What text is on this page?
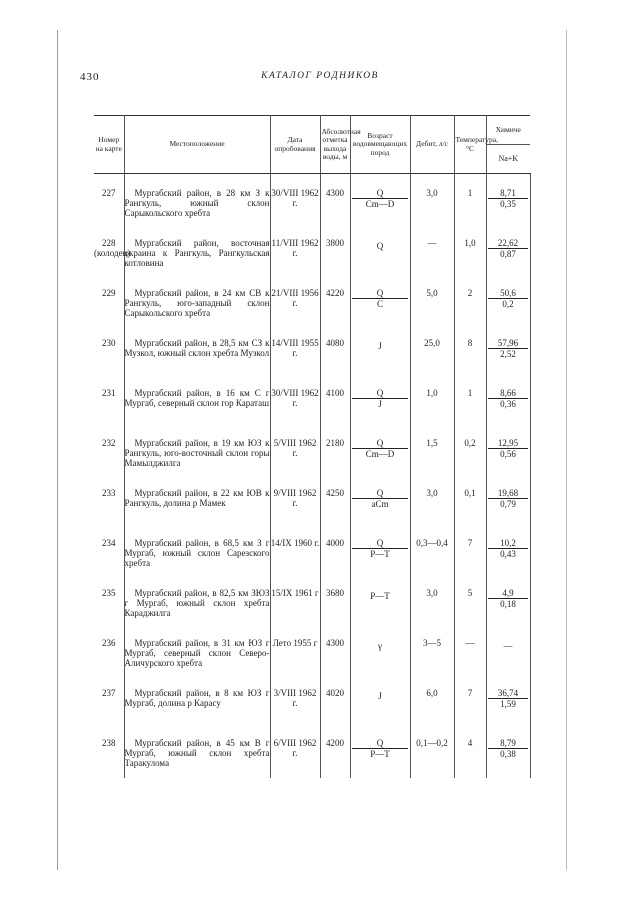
430	КАТАЛОГ РОДНИКОВ
Номер на карте	Местоположение	Дата опробования	Абсолютная отметка выхода воды, м	Возраст водовмещающих пород	Дебит, л/с	Температура, °С	Химиче
							Na+K

227	Мургабский район, в 28 км З к Рангкуль, южный склон Сарыкольского хребта	30/VIII 1962 г.	4300	$\frac{Q}{Cm—D}$	3,0	1	$\frac{8,71}{0,35}$

228 (колодец)	Мургабский район, восточная окраина к Рангкуль, Рангкульская котловина	11/VIII 1962 г.	3800	Q	—	1,0	$\frac{22,62}{0,87}$

229	Мургабский район, в 24 км СВ к Рангкуль, юго-западный склон Сарыкольского хребта	21/VIII 1956 г.	4220	$\frac{Q}{C}$	5,0	2	$\frac{50,6}{0,2}$

230	Мургабский район, в 28,5 км СЗ к Музкол, южный склон хребта Музкол	14/VIII 1955 г.	4080	J	25,0	8	$\frac{57,96}{2,52}$

231	Мургабский район, в 16 км С г Мургаб, северный склон гор Караташ	30/VIII 1962 г.	4100	$\frac{Q}{J}$	1,0	1	$\frac{8,66}{0,36}$

232	Мургабский район, в 19 км ЮЗ к Рангкуль, юго-восточный склон горы Мамылджилга	5/VIII 1962 г.	2180	$\frac{Q}{Cm—D}$	1,5	0,2	$\frac{12,95}{0,56}$

233	Мургабский район, в 22 км ЮВ к Рангкуль, долина р Мамек	9/VIII 1962 г.	4250	$\frac{Q}{\text{aCm}}$	3,0	0,1	$\frac{19,68}{0,79}$

234	Мургабский район, в 68,5 км З г Мургаб, южный склон Сарезского хребта	14/IX 1960 г.	4000	$\frac{Q}{P—T}$	0,3—0,4	7	$\frac{10,2}{0,43}$

235	Мургабский район, в 82,5 км ЗЮЗ г Мургаб, южный склон хребта Караджилга	15/IX 1961 г	3680	P—T	3,0	5	$\frac{4,9}{0,18}$

236	Мургабский район, в 31 км ЮЗ г Мургаб, северный склон Северо-Аличурского хребта	Лето 1955 г	4300	γ	3—5	—	—

237	Мургабский район, в 8 км ЮЗ г Мургаб, долина р Карасу	3/VIII 1962 г.	4020	J	6,0	7	$\frac{36,74}{1,59}$

238	Мургабский район, в 45 км В г Мургаб, южный склон хребта Таракулома	6/VIII 1962 г.	4200	$\frac{Q}{P—T}$	0,1—0,2	4	$\frac{8,79}{0,38}$
